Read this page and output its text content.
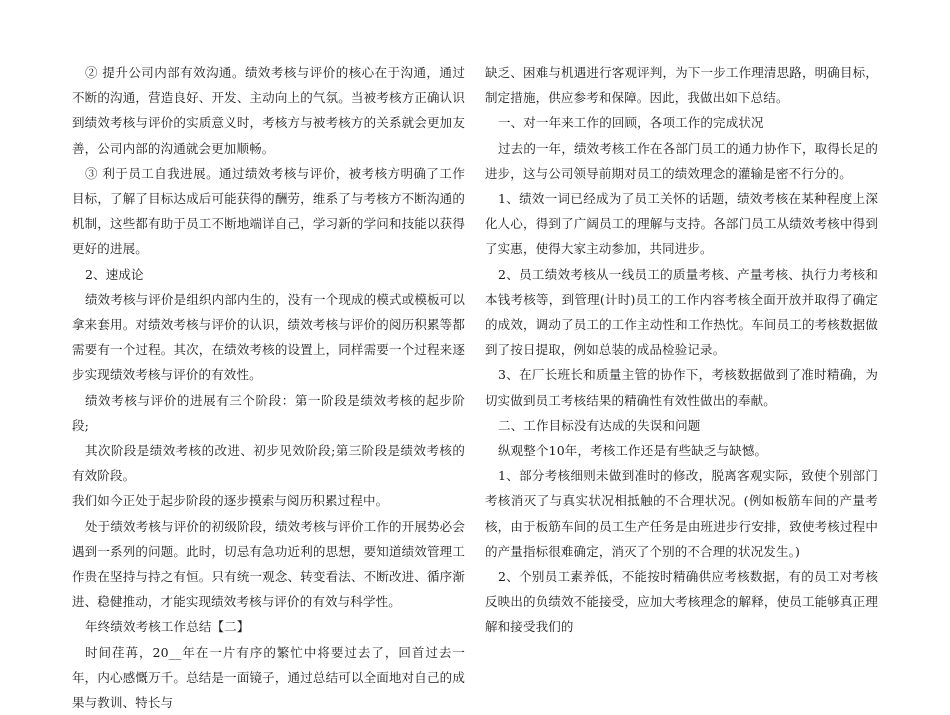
② 提升公司内部有效沟通。绩效考核与评价的核心在于沟通，通过不断的沟通，营造良好、开发、主动向上的气氛。当被考核方正确认识到绩效考核与评价的实质意义时，考核方与被考核方的关系就会更加友善，公司内部的沟通就会更加顺畅。

③ 利于员工自我进展。通过绩效考核与评价，被考核方明确了工作目标，了解了目标达成后可能获得的酬劳，维系了与考核方不断沟通的机制，这些都有助于员工不断地端详自己，学习新的学问和技能以获得更好的进展。

2、速成论

绩效考核与评价是组织内部内生的，没有一个现成的模式或模板可以拿来套用。对绩效考核与评价的认识，绩效考核与评价的阅历积累等都需要有一个过程。其次，在绩效考核的设置上，同样需要一个过程来逐步实现绩效考核与评价的有效性。

绩效考核与评价的进展有三个阶段：第一阶段是绩效考核的起步阶段;

其次阶段是绩效考核的改进、初步见效阶段;第三阶段是绩效考核的有效阶段。

我们如今正处于起步阶段的逐步摸索与阅历积累过程中。

处于绩效考核与评价的初级阶段，绩效考核与评价工作的开展势必会遇到一系列的问题。此时，切忌有急功近利的思想，要知道绩效管理工作贵在坚持与持之有恒。只有统一观念、转变看法、不断改进、循序渐进、稳健推动，才能实现绩效考核与评价的有效与科学性。

年终绩效考核工作总结【二】

时间荏苒，20__年在一片有序的繁忙中将要过去了，回首过去一年，内心感慨万千。总结是一面镜子，通过总结可以全面地对自己的成果与教训、特长与

缺乏、困难与机遇进行客观评判，为下一步工作理清思路，明确目标，制定措施，供应参考和保障。因此，我做出如下总结。

一、对一年来工作的回顾，各项工作的完成状况

过去的一年，绩效考核工作在各部门员工的通力协作下，取得长足的进步，这与公司领导前期对员工的绩效理念的灌输是密不行分的。

1、绩效一词已经成为了员工关怀的话题，绩效考核在某种程度上深化人心，得到了广阔员工的理解与支持。各部门员工从绩效考核中得到了实惠，使得大家主动参加，共同进步。

2、员工绩效考核从一线员工的质量考核、产量考核、执行力考核和本钱考核等，到管理(计时)员工的工作内容考核全面开放并取得了确定的成效，调动了员工的工作主动性和工作热忱。车间员工的考核数据做到了按日提取，例如总装的成品检验记录。

3、在厂长班长和质量主管的协作下，考核数据做到了准时精确，为切实做到员工考核结果的精确性有效性做出的奉献。

二、工作目标没有达成的失误和问题

纵观整个10年，考核工作还是有些缺乏与缺憾。

1、部分考核细则未做到准时的修改，脱离客观实际，致使个别部门考核消灭了与真实状况相抵触的不合理状况。(例如板筋车间的产量考核，由于板筋车间的员工生产任务是由班进步行安排，致使考核过程中的产量指标很难确定，消灭了个别的不合理的状况发生。)

2、个别员工素养低，不能按时精确供应考核数据，有的员工对考核反映出的负绩效不能接受，应加大考核理念的解释，使员工能够真正理解和接受我们的
